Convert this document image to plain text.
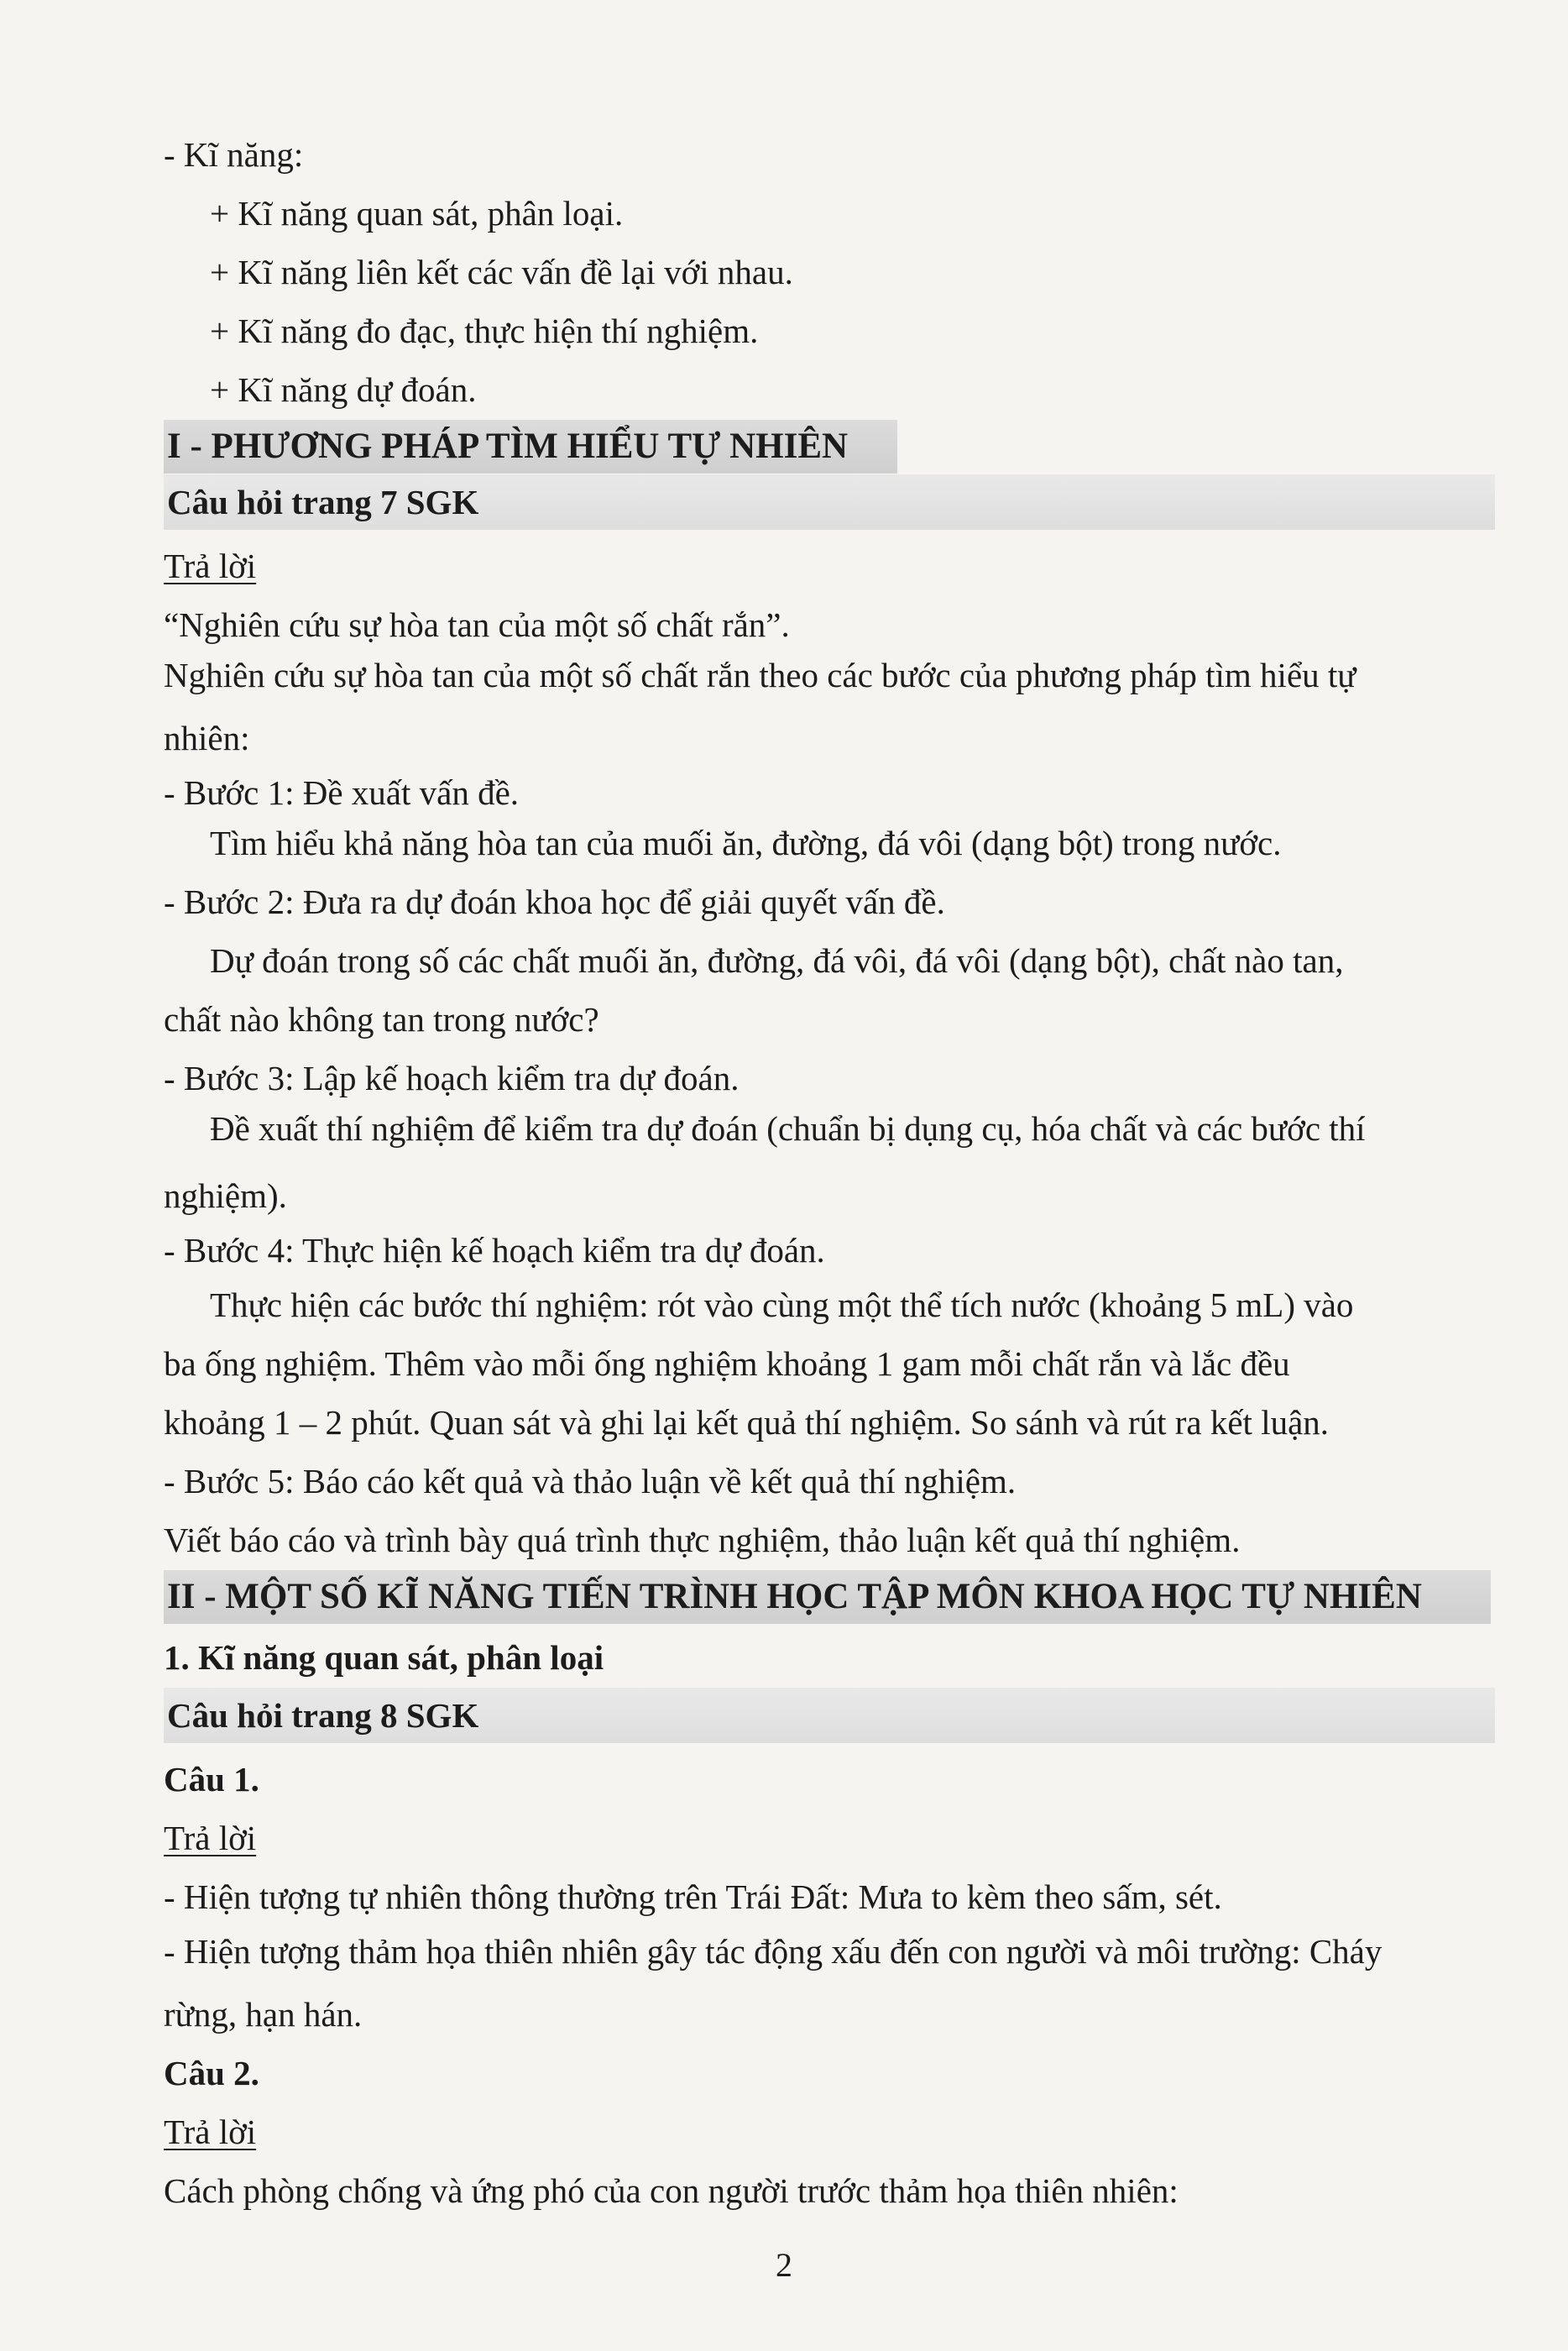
- Kĩ năng:
+ Kĩ năng quan sát, phân loại.
+ Kĩ năng liên kết các vấn đề lại với nhau.
+ Kĩ năng đo đạc, thực hiện thí nghiệm.
+ Kĩ năng dự đoán.
I - PHƯƠNG PHÁP TÌM HIỂU TỰ NHIÊN
Câu hỏi trang 7 SGK
Trả lời
“Nghiên cứu sự hòa tan của một số chất rắn”.
Nghiên cứu sự hòa tan của một số chất rắn theo các bước của phương pháp tìm hiểu tự
nhiên:
- Bước 1: Đề xuất vấn đề.
Tìm hiểu khả năng hòa tan của muối ăn, đường, đá vôi (dạng bột) trong nước.
- Bước 2: Đưa ra dự đoán khoa học để giải quyết vấn đề.
Dự đoán trong số các chất muối ăn, đường, đá vôi, đá vôi (dạng bột), chất nào tan,
chất nào không tan trong nước?
- Bước 3: Lập kế hoạch kiểm tra dự đoán.
Đề xuất thí nghiệm để kiểm tra dự đoán (chuẩn bị dụng cụ, hóa chất và các bước thí
nghiệm).
- Bước 4: Thực hiện kế hoạch kiểm tra dự đoán.
Thực hiện các bước thí nghiệm: rót vào cùng một thể tích nước (khoảng 5 mL) vào
ba ống nghiệm. Thêm vào mỗi ống nghiệm khoảng 1 gam mỗi chất rắn và lắc đều
khoảng 1 – 2 phút. Quan sát và ghi lại kết quả thí nghiệm. So sánh và rút ra kết luận.
- Bước 5: Báo cáo kết quả và thảo luận về kết quả thí nghiệm.
Viết báo cáo và trình bày quá trình thực nghiệm, thảo luận kết quả thí nghiệm.
II - MỘT SỐ KĨ NĂNG TIẾN TRÌNH HỌC TẬP MÔN KHOA HỌC TỰ NHIÊN
1. Kĩ năng quan sát, phân loại
Câu hỏi trang 8 SGK
Câu 1.
Trả lời
- Hiện tượng tự nhiên thông thường trên Trái Đất: Mưa to kèm theo sấm, sét.
- Hiện tượng thảm họa thiên nhiên gây tác động xấu đến con người và môi trường: Cháy
rừng, hạn hán.
Câu 2.
Trả lời
Cách phòng chống và ứng phó của con người trước thảm họa thiên nhiên:
2
